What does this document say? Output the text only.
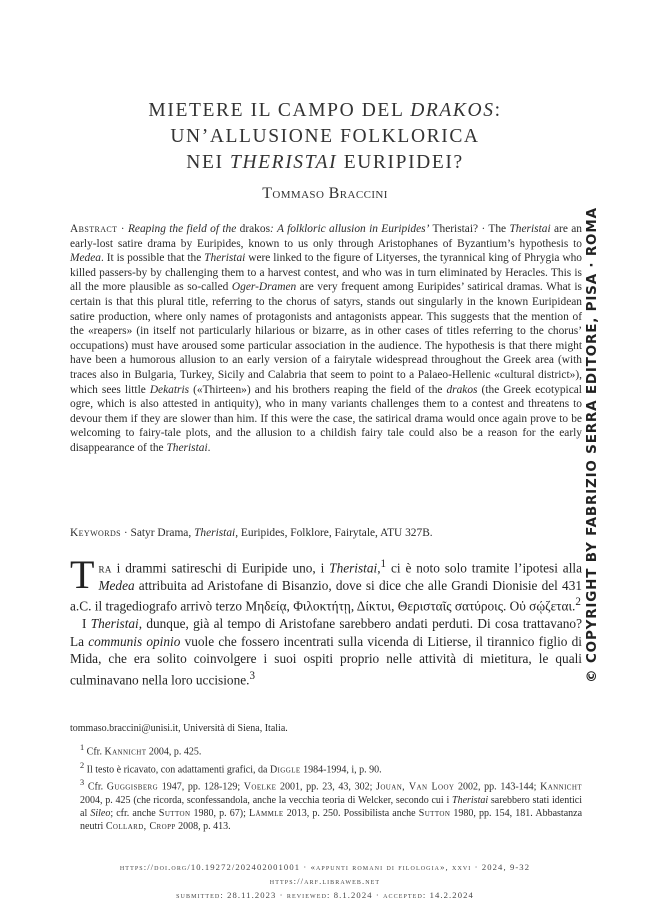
MIETERE IL CAMPO DEL DRAKOS:
UN’ALLUSIONE FOLKLORICA
NEI THERISTAI EURIPIDEI?
Tommaso Braccini

Abstract · Reaping the field of the drakos: A folkloric allusion in Euripides’ Theristai? · The Theristai are an early-lost satire drama by Euripides, known to us only through Aristophanes of Byzantium’s hypothesis to Medea. It is possible that the Theristai were linked to the figure of Lityerses, the tyrannical king of Phrygia who killed passers-by by challenging them to a harvest contest, and who was in turn eliminated by Heracles. This is all the more plausible as so-called Oger-Dramen are very frequent among Euripides’ satirical dramas. What is certain is that this plural title, referring to the chorus of satyrs, stands out singularly in the known Euripidean satire production, where only names of protagonists and antagonists appear. This suggests that the mention of the «reapers» (in itself not particularly hilarious or bizarre, as in other cases of titles referring to the chorus’ occupations) must have aroused some particular association in the audience. The hypothesis is that there might have been a humorous allusion to an early version of a fairytale widespread throughout the Greek area (with traces also in Bulgaria, Turkey, Sicily and Calabria that seem to point to a Palaeo-Hellenic «cultural district»), which sees little Dekatris («Thirteen») and his brothers reaping the field of the drakos (the Greek ecotypical ogre, which is also attested in antiquity), who in many variants challenges them to a contest and threatens to devour them if they are slower than him. If this were the case, the satirical drama would once again prove to be welcoming to fairy-tale plots, and the allusion to a childish fairy tale could also be a reason for the early disappearance of the Theristai.

Keywords · Satyr Drama, Theristai, Euripides, Folklore, Fairytale, ATU 327B.

Tra i drammi satireschi di Euripide uno, i Theristai,$^1$ ci è noto solo tramite l’ipotesi alla Medea attribuita ad Aristofane di Bisanzio, dove si dice che alle Grandi Dionisie del 431 a.C. il tragediografo arrivò terzo Μηδείᾳ, Φιλοκτήτῃ, Δίκτυι, Θερισταῖς σατύροις. Οὐ σῴζεται.$^2$

I Theristai, dunque, già al tempo di Aristofane sarebbero andati perduti. Di cosa trattavano? La communis opinio vuole che fossero incentrati sulla vicenda di Litierse, il tirannico figlio di Mida, che era solito coinvolgere i suoi ospiti proprio nelle attività di mietitura, le quali culminavano nella loro uccisione.$^3$

tommaso.braccini@unisi.it, Università di Siena, Italia.

$^1$ Cfr. Kannicht 2004, p. 425.

$^2$ Il testo è ricavato, con adattamenti grafici, da Diggle 1984-1994, i, p. 90.

$^3$ Cfr. Guggisberg 1947, pp. 128-129; Voelke 2001, pp. 23, 43, 302; Jouan, Van Looy 2002, pp. 143-144; Kannicht 2004, p. 425 (che ricorda, sconfessandola, anche la vecchia teoria di Welcker, secondo cui i Theristai sarebbero stati identici al Sileo; cfr. anche Sutton 1980, p. 67); Lämmle 2013, p. 250. Possibilista anche Sutton 1980, pp. 154, 181. Abbastanza neutri Collard, Cropp 2008, p. 413.

https://doi.org/10.19272/202402001001 · «appunti romani di filologia», xxvi · 2024, 9-32
https://arf.libraweb.net
submitted: 28.11.2023 · reviewed: 8.1.2024 · accepted: 14.2.2024
© COPYRIGHT BY FABRIZIO SERRA EDITORE, PISA · ROMA
